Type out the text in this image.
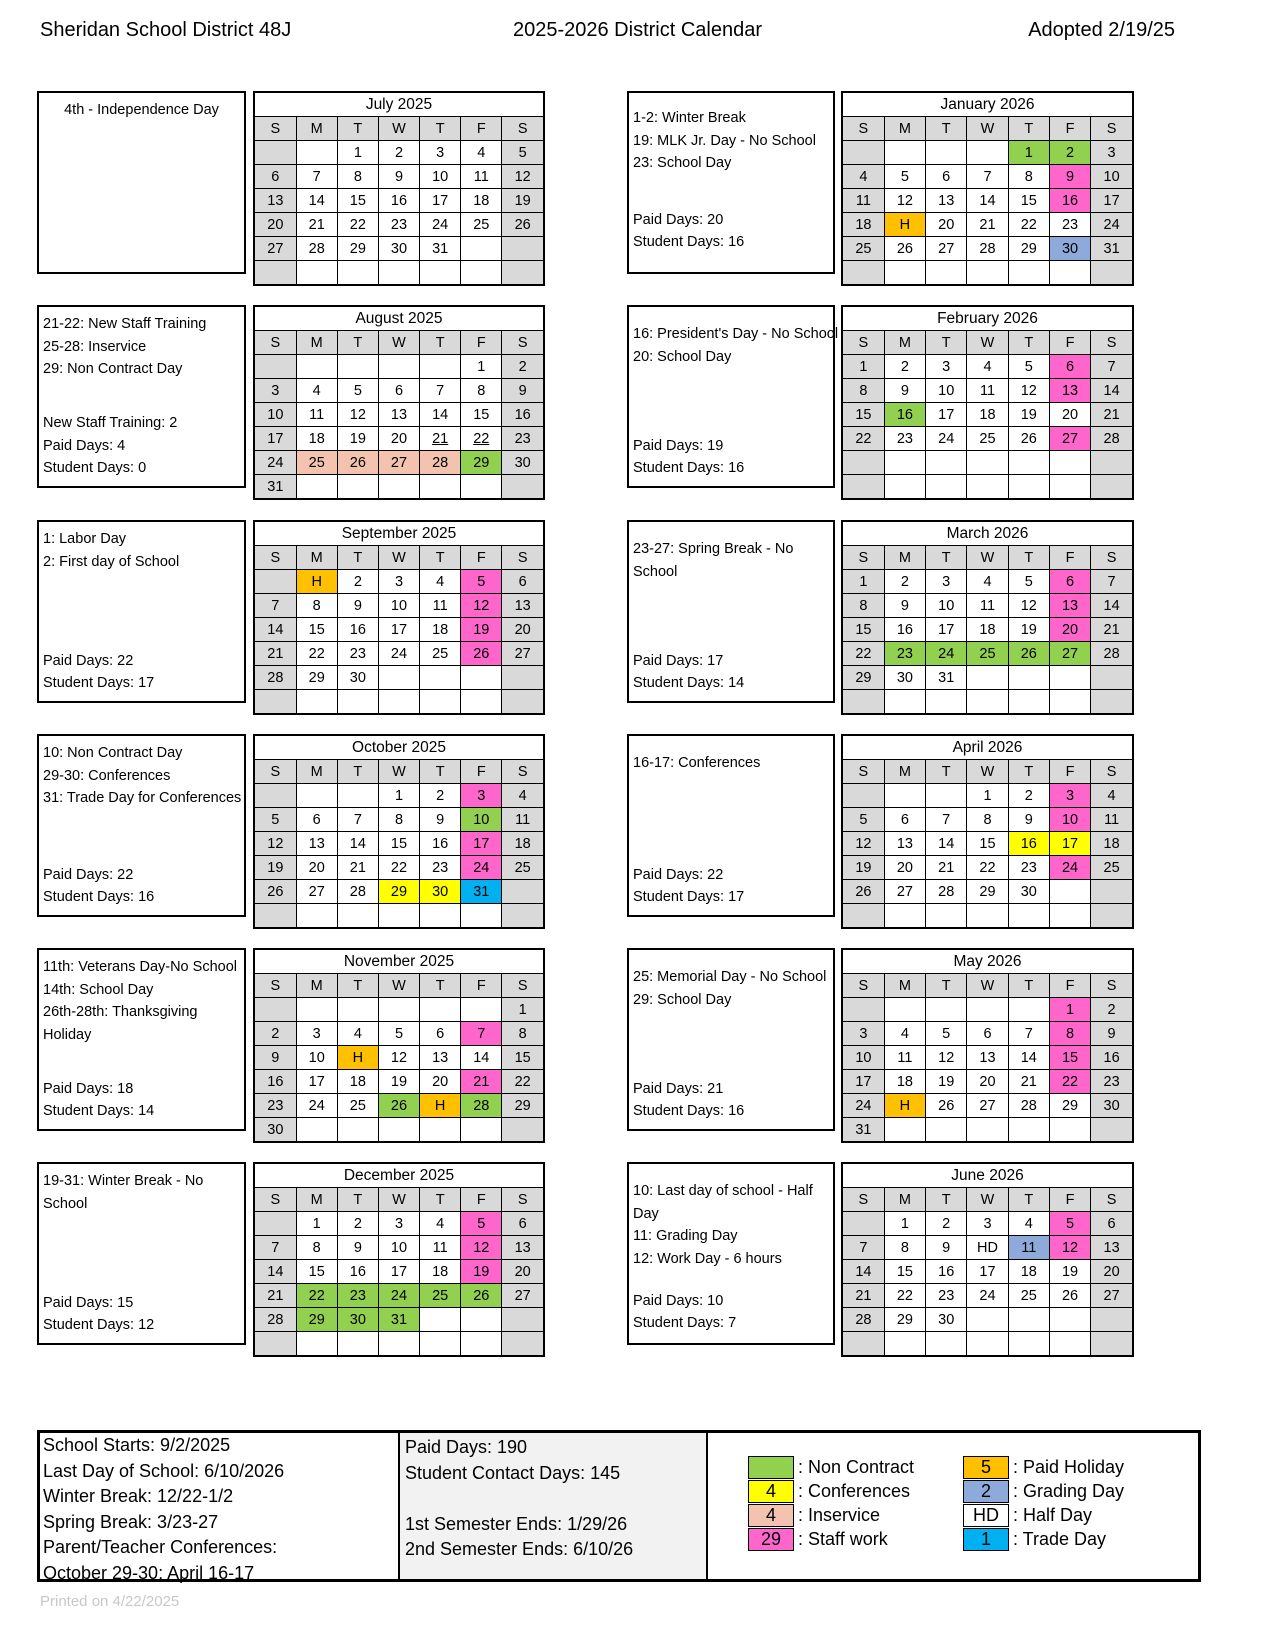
Sheridan School District 48J	2025-2026 District Calendar	Adopted 2/19/25
4th - Independence Day	July 2025
S	M	T	W	T	F	S
		1	2	3	4	5
6	7	8	9	10	11	12
13	14	15	16	17	18	19
20	21	22	23	24	25	26
27	28	29	30	31		

21-22: New Staff Training
25-28: Inservice
29: Non Contract Day
New Staff Training: 2
Paid Days: 4
Student Days: 0
August 2025
S	M	T	W	T	F	S
					1	2
3	4	5	6	7	8	9
10	11	12	13	14	15	16
17	18	19	20	21	22	23
24	25	26	27	28	29	30
31						
1: Labor Day
2: First day of School
Paid Days: 22
Student Days: 17
September 2025
S	M	T	W	T	F	S
	H	2	3	4	5	6
7	8	9	10	11	12	13
14	15	16	17	18	19	20
21	22	23	24	25	26	27
28	29	30				

10: Non Contract Day
29-30: Conferences
31: Trade Day for Conferences
Paid Days: 22
Student Days: 16
October 2025
S	M	T	W	T	F	S
			1	2	3	4
5	6	7	8	9	10	11
12	13	14	15	16	17	18
19	20	21	22	23	24	25
26	27	28	29	30	31	

11th: Veterans Day-No School
14th: School Day
26th-28th: Thanksgiving
Holiday
Paid Days: 18
Student Days: 14
November 2025
S	M	T	W	T	F	S
						1
2	3	4	5	6	7	8
9	10	H	12	13	14	15
16	17	18	19	20	21	22
23	24	25	26	H	28	29
30						
19-31: Winter Break - No
School
Paid Days: 15
Student Days: 12
December 2025
S	M	T	W	T	F	S
	1	2	3	4	5	6
7	8	9	10	11	12	13
14	15	16	17	18	19	20
21	22	23	24	25	26	27
28	29	30	31			

1-2: Winter Break
19: MLK Jr. Day - No School
23: School Day
Paid Days: 20
Student Days: 16
January 2026
S	M	T	W	T	F	S
				1	2	3
4	5	6	7	8	9	10
11	12	13	14	15	16	17
18	H	20	21	22	23	24
25	26	27	28	29	30	31

16: President's Day - No School
20: School Day
Paid Days: 19
Student Days: 16
February 2026
S	M	T	W	T	F	S
1	2	3	4	5	6	7
8	9	10	11	12	13	14
15	16	17	18	19	20	21
22	23	24	25	26	27	28

23-27: Spring Break - No
School
Paid Days: 17
Student Days: 14
March 2026
S	M	T	W	T	F	S
1	2	3	4	5	6	7
8	9	10	11	12	13	14
15	16	17	18	19	20	21
22	23	24	25	26	27	28
29	30	31				

16-17: Conferences
Paid Days: 22
Student Days: 17
April 2026
S	M	T	W	T	F	S
			1	2	3	4
5	6	7	8	9	10	11
12	13	14	15	16	17	18
19	20	21	22	23	24	25
26	27	28	29	30		

25: Memorial Day - No School
29: School Day
Paid Days: 21
Student Days: 16
May 2026
S	M	T	W	T	F	S
					1	2
3	4	5	6	7	8	9
10	11	12	13	14	15	16
17	18	19	20	21	22	23
24	H	26	27	28	29	30
31						
10: Last day of school - Half
Day
11: Grading Day
12: Work Day - 6 hours
Paid Days: 10
Student Days: 7
June 2026
S	M	T	W	T	F	S
	1	2	3	4	5	6
7	8	9	HD	11	12	13
14	15	16	17	18	19	20
21	22	23	24	25	26	27
28	29	30				

School Starts: 9/2/2025
Last Day of School: 6/10/2026
Winter Break: 12/22-1/2
Spring Break: 3/23-27
Parent/Teacher Conferences:
October 29-30; April 16-17
Paid Days: 190
Student Contact Days: 145

1st Semester Ends: 1/29/26
2nd Semester Ends: 6/10/26
: Non Contract
4	: Conferences
4	: Inservice
29 : Staff work
5	: Paid Holiday
2	: Grading Day
HD : Half Day
1	: Trade Day
Printed on 4/22/2025
